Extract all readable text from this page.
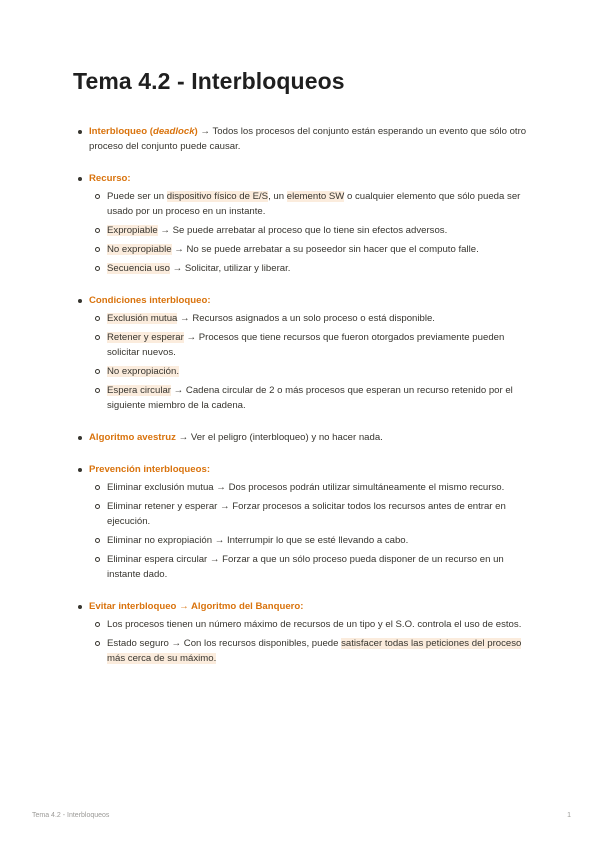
Tema 4.2 - Interbloqueos
Interbloqueo (deadlock) → Todos los procesos del conjunto están esperando un evento que sólo otro proceso del conjunto puede causar.
Recurso:
Puede ser un dispositivo físico de E/S, un elemento SW o cualquier elemento que sólo pueda ser usado por un proceso en un instante.
Expropiable → Se puede arrebatar al proceso que lo tiene sin efectos adversos.
No expropiable → No se puede arrebatar a su poseedor sin hacer que el computo falle.
Secuencia uso → Solicitar, utilizar y liberar.
Condiciones interbloqueo:
Exclusión mutua → Recursos asignados a un solo proceso o está disponible.
Retener y esperar → Procesos que tiene recursos que fueron otorgados previamente pueden solicitar nuevos.
No expropiación.
Espera circular → Cadena circular de 2 o más procesos que esperan un recurso retenido por el siguiente miembro de la cadena.
Algoritmo avestruz → Ver el peligro (interbloqueo) y no hacer nada.
Prevención interbloqueos:
Eliminar exclusión mutua → Dos procesos podrán utilizar simultáneamente el mismo recurso.
Eliminar retener y esperar → Forzar procesos a solicitar todos los recursos antes de entrar en ejecución.
Eliminar no expropiación → Interrumpir lo que se esté llevando a cabo.
Eliminar espera circular → Forzar a que un sólo proceso pueda disponer de un recurso en un instante dado.
Evitar interbloqueo → Algoritmo del Banquero:
Los procesos tienen un número máximo de recursos de un tipo y el S.O. controla el uso de estos.
Estado seguro → Con los recursos disponibles, puede satisfacer todas las peticiones del proceso más cerca de su máximo.
Tema 4.2 - Interbloqueos	1
